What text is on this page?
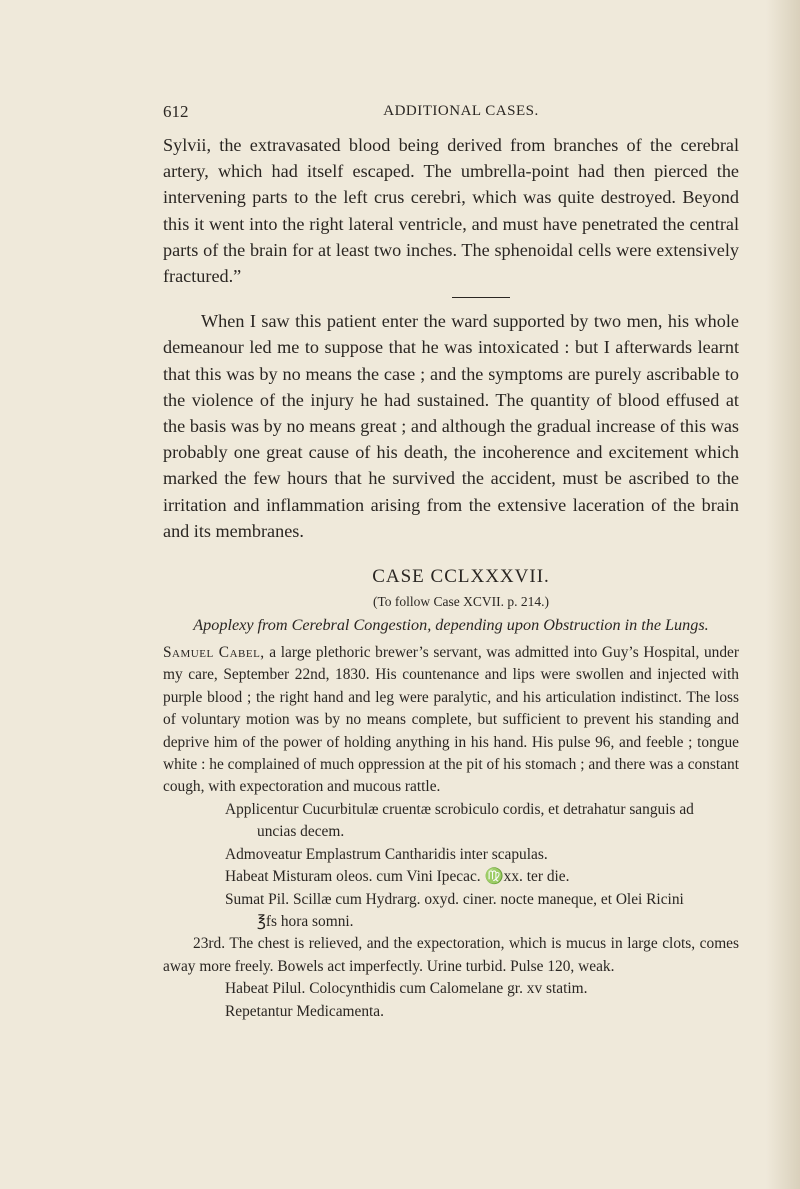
612	ADDITIONAL CASES.

Sylvii, the extravasated blood being derived from branches of the cerebral artery, which had itself escaped. The umbrella-point had then pierced the intervening parts to the left crus cerebri, which was quite destroyed. Beyond this it went into the right lateral ventricle, and must have penetrated the central parts of the brain for at least two inches. The sphenoidal cells were extensively fractured.”

When I saw this patient enter the ward supported by two men, his whole demeanour led me to suppose that he was intoxicated : but I afterwards learnt that this was by no means the case ; and the symptoms are purely ascribable to the violence of the injury he had sustained. The quantity of blood effused at the basis was by no means great ; and although the gradual increase of this was probably one great cause of his death, the incoherence and excitement which marked the few hours that he survived the accident, must be ascribed to the irritation and inflammation arising from the extensive laceration of the brain and its membranes.

CASE CCLXXXVII.
(To follow Case XCVII. p. 214.)
Apoplexy from Cerebral Congestion, depending upon Obstruction in the Lungs.

Samuel Cabel, a large plethoric brewer’s servant, was admitted into Guy’s Hospital, under my care, September 22nd, 1830. His countenance and lips were swollen and injected with purple blood ; the right hand and leg were paralytic, and his articulation indistinct. The loss of voluntary motion was by no means complete, but sufficient to prevent his standing and deprive him of the power of holding anything in his hand. His pulse 96, and feeble ; tongue white : he complained of much oppression at the pit of his stomach ; and there was a constant cough, with expectoration and mucous rattle.

Applicentur Cucurbitulæ cruentæ scrobiculo cordis, et detrahatur sanguis ad
uncias decem.
Admoveatur Emplastrum Cantharidis inter scapulas.
Habeat Misturam oleos. cum Vini Ipecac. ♍xx. ter die.
Sumat Pil. Scillæ cum Hydrarg. oxyd. ciner. nocte maneque, et Olei Ricini
℥fs hora somni.

23rd. The chest is relieved, and the expectoration, which is mucus in large clots, comes away more freely. Bowels act imperfectly. Urine turbid. Pulse 120, weak.

Habeat Pilul. Colocynthidis cum Calomelane gr. xv statim.
Repetantur Medicamenta.
